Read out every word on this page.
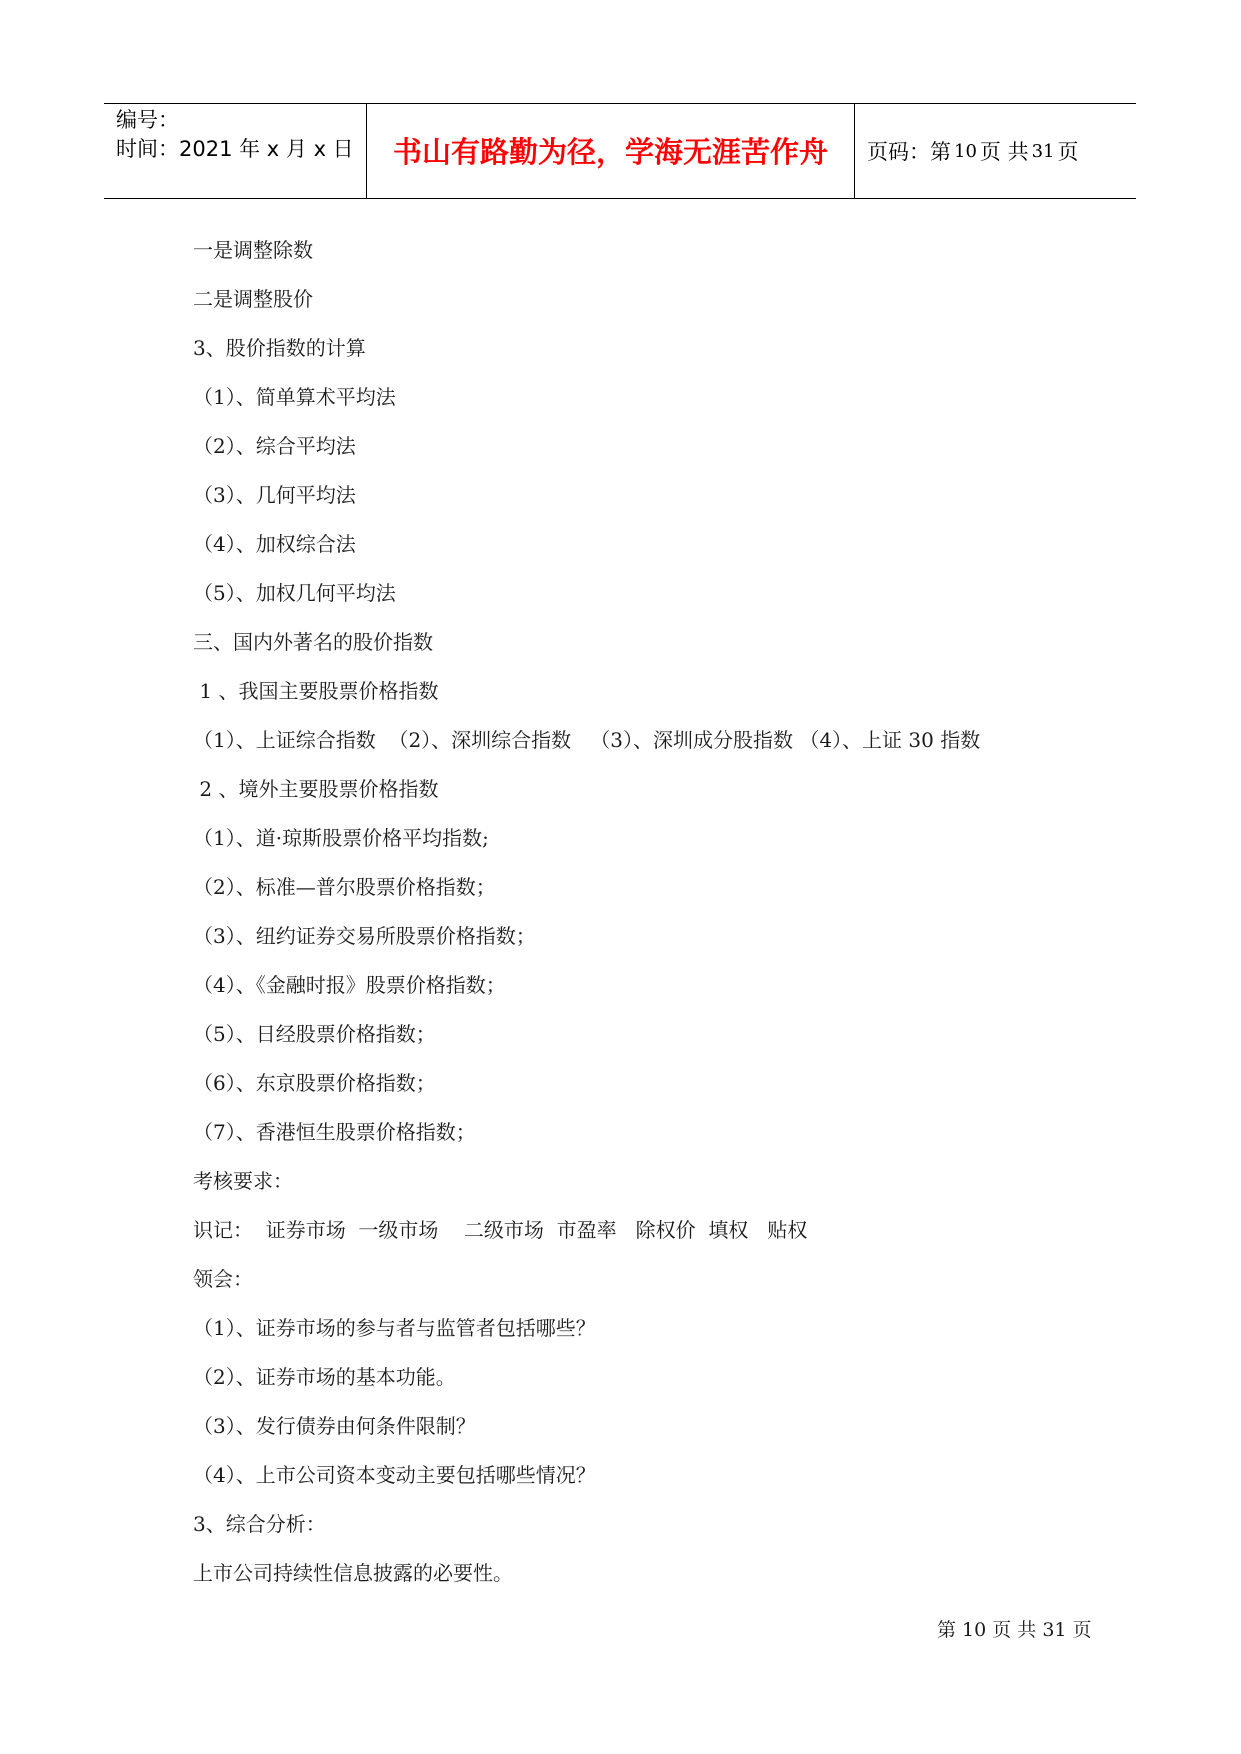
编号：
时间：2021 年 x 月 x 日	书山有路勤为径，学海无涯苦作舟 页码：第 10 页 共 31 页
一是调整除数
二是调整股价
3、股价指数的计算
（1）、简单算术平均法
（2）、综合平均法
（3）、几何平均法
（4）、加权综合法
（5）、加权几何平均法
三、国内外著名的股价指数
1 、我国主要股票价格指数
（1）、上证综合指数  （2）、深圳综合指数   （3）、深圳成分股指数 （4）、上证 30 指数
2 、境外主要股票价格指数
（1）、道·琼斯股票价格平均指数;
（2）、标准—普尔股票价格指数；
（3）、纽约证券交易所股票价格指数；
（4）、《金融时报》股票价格指数；
（5）、日经股票价格指数；
（6）、东京股票价格指数；
（7）、香港恒生股票价格指数；
考核要求：
识记：  证券市场  一级市场    二级市场  市盈率   除权价  填权   贴权
领会：
（1）、证券市场的参与者与监管者包括哪些？
（2）、证券市场的基本功能。
（3）、发行债券由何条件限制？
（4）、上市公司资本变动主要包括哪些情况？
3、综合分析：
上市公司持续性信息披露的必要性。
第 10 页 共 31 页
